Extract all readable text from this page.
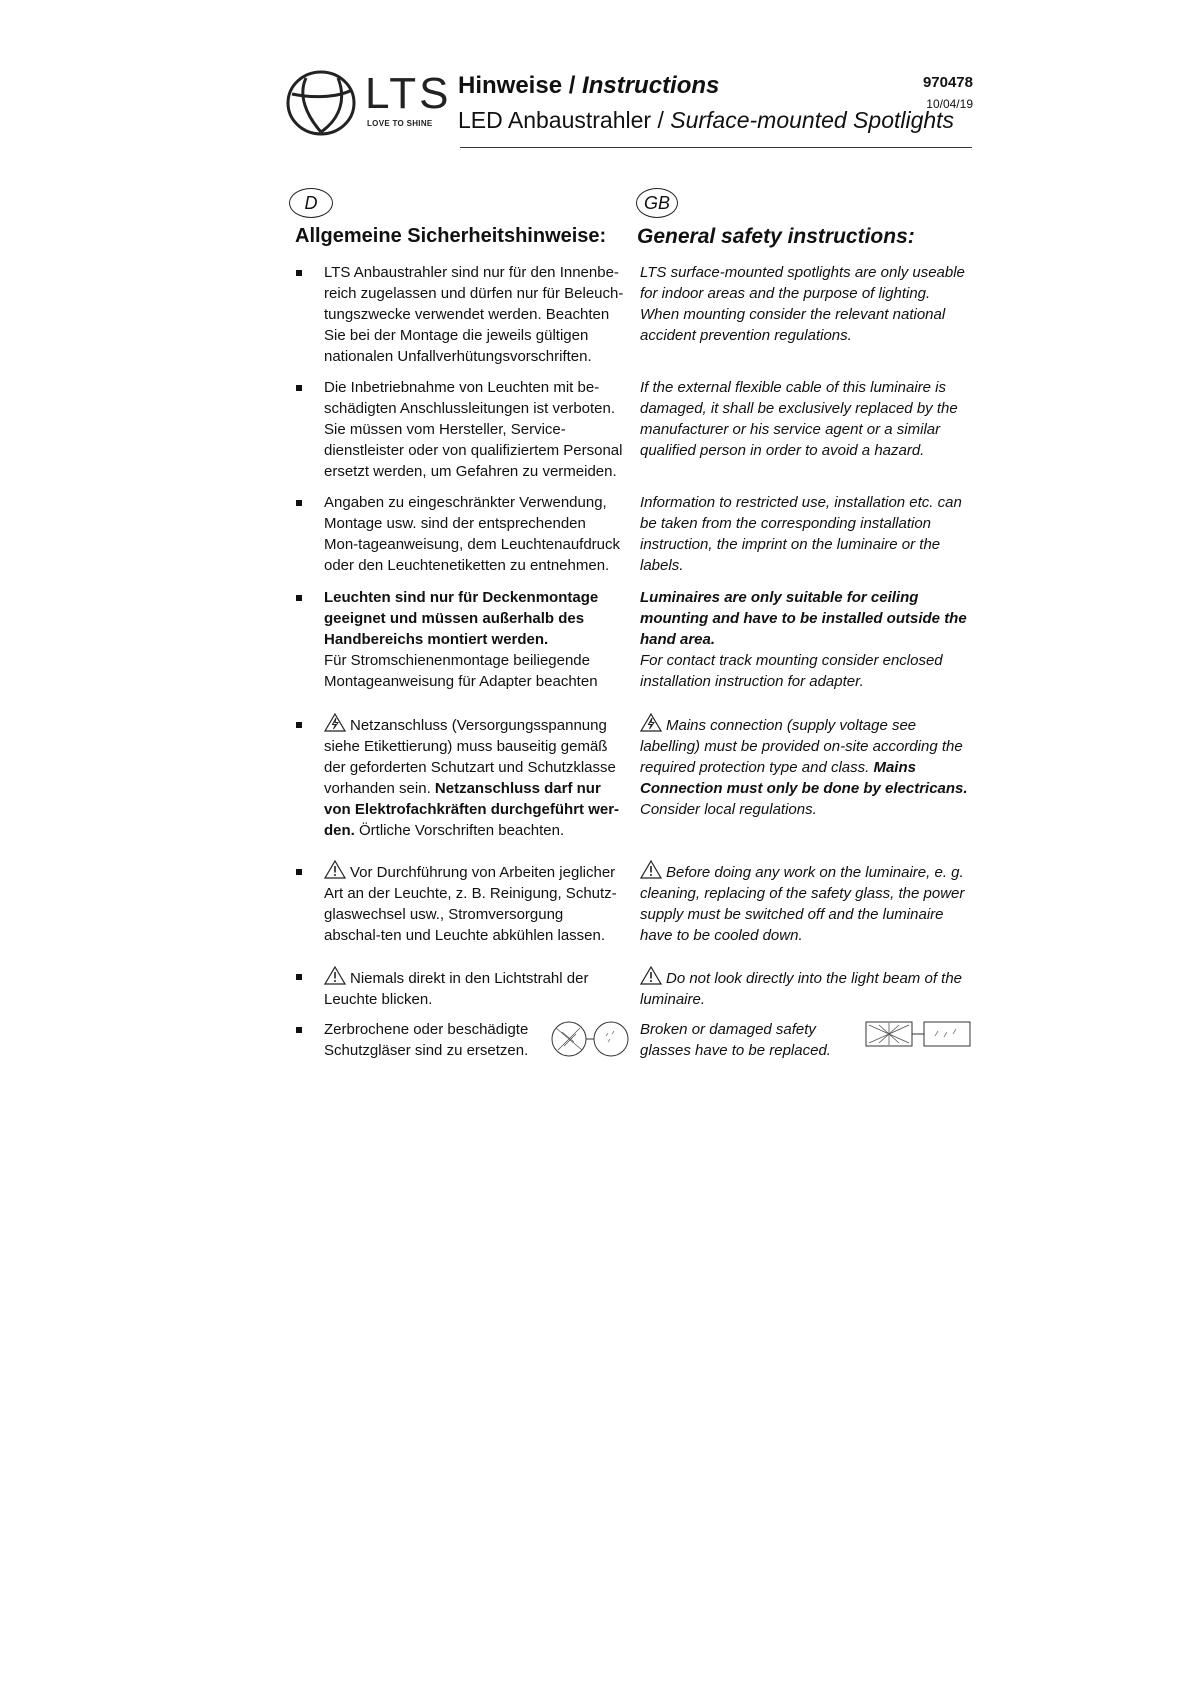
LTS
LOVE TO SHINE
Hinweise / Instructions
LED Anbaustrahler / Surface-mounted Spotlights
970478
10/04/19
D	GB
Allgemeine Sicherheitshinweise: General safety instructions:
LTS Anbaustrahler sind nur für den Innenbe-reich zugelassen und dürfen nur für Beleuch-tungszwecke verwendet werden. Beachten Sie bei der Montage die jeweils gültigen nationalen Unfallverhütungsvorschriften.
LTS surface-mounted spotlights are only useable for indoor areas and the purpose of lighting. When mounting consider the relevant national accident prevention regulations.
Die Inbetriebnahme von Leuchten mit be-schädigten Anschlussleitungen ist verboten. Sie müssen vom Hersteller, Service-dienstleister oder von qualifiziertem Personal ersetzt werden, um Gefahren zu vermeiden.
If the external flexible cable of this luminaire is damaged, it shall be exclusively replaced by the manufacturer or his service agent or a similar qualified person in order to avoid a hazard.
Angaben zu eingeschränkter Verwendung, Montage usw. sind der entsprechenden Mon-tageanweisung, dem Leuchtenaufdruck oder den Leuchtenetiketten zu entnehmen.
Information to restricted use, installation etc. can be taken from the corresponding installation instruction, the imprint on the luminaire or the labels.
Leuchten sind nur für Deckenmontage geeignet und müssen außerhalb des Handbereichs montiert werden.
Für Stromschienenmontage beiliegende Montageanweisung für Adapter beachten
Luminaires are only suitable for ceiling mounting and have to be installed outside the hand area.
For contact track mounting consider enclosed installation instruction for adapter.
Netzanschluss (Versorgungsspannung siehe Etikettierung) muss bauseitig gemäß der geforderten Schutzart und Schutzklasse vorhanden sein. Netzanschluss darf nur von Elektrofachkräften durchgeführt wer-den. Örtliche Vorschriften beachten.
Mains connection (supply voltage see labelling) must be provided on-site according the required protection type and class. Mains Connection must only be done by electricans. Consider local regulations.
Vor Durchführung von Arbeiten jeglicher Art an der Leuchte, z. B. Reinigung, Schutz-glaswechsel usw., Stromversorgung abschal-ten und Leuchte abkühlen lassen.
Before doing any work on the luminaire, e. g. cleaning, replacing of the safety glass, the power supply must be switched off and the luminaire have to be cooled down.
Niemals direkt in den Lichtstrahl der Leuchte blicken.
Do not look directly into the light beam of the luminaire.
Zerbrochene oder beschädigte Schutzgläser sind zu ersetzen.
Broken or damaged safety glasses have to be replaced.
